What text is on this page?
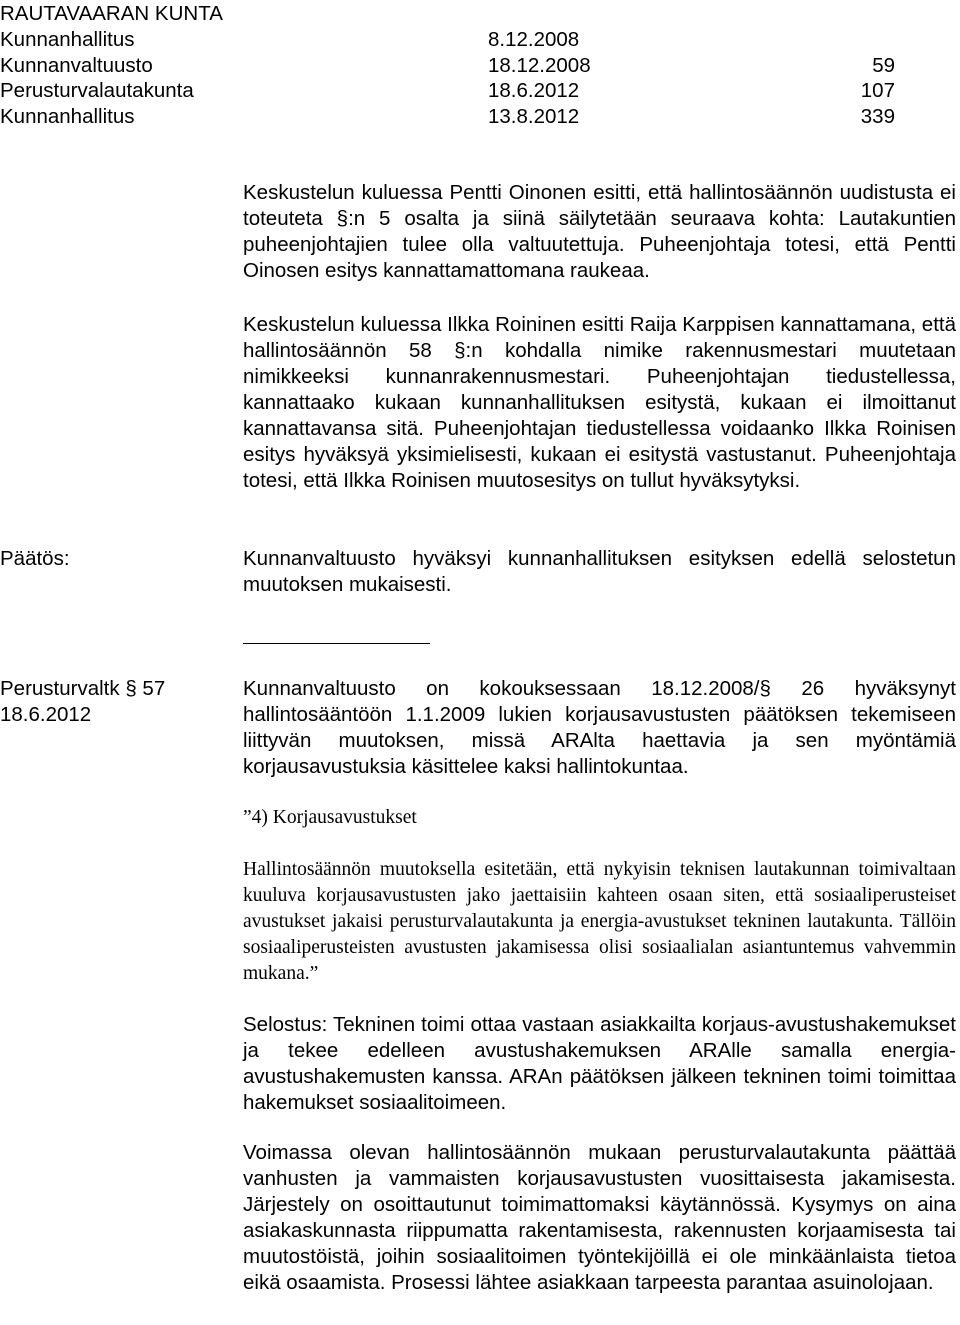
RAUTAVAARAN KUNTA
Kunnanhallitus	8.12.2008
Kunnanvaltuusto	18.12.2008	59
Perusturvalautakunta	18.6.2012	107
Kunnanhallitus	13.8.2012	339

Keskustelun kuluessa Pentti Oinonen esitti, että hallintosäännön uudistusta ei toteuteta §:n 5 osalta ja siinä säilytetään seuraava kohta: Lautakuntien puheenjohtajien tulee olla valtuutettuja. Puheenjohtaja totesi, että Pentti Oinosen esitys kannattamattomana raukeaa.

Keskustelun kuluessa Ilkka Roininen esitti Raija Karppisen kannattamana, että hallintosäännön 58 §:n kohdalla nimike rakennusmestari muutetaan nimikkeeksi kunnanrakennusmestari. Puheenjohtajan tiedustellessa, kannattaako kukaan kunnanhallituksen esitystä, kukaan ei ilmoittanut kannattavansa sitä. Puheenjohtajan tiedustellessa voidaanko Ilkka Roinisen esitys hyväksyä yksimielisesti, kukaan ei esitystä vastustanut. Puheenjohtaja totesi, että Ilkka Roinisen muutosesitys on tullut hyväksytyksi.

Päätös:	Kunnanvaltuusto hyväksyi kunnanhallituksen esityksen edellä selostetun muutoksen mukaisesti.

Perusturvaltk § 57
18.6.2012

Kunnanvaltuusto on kokouksessaan 18.12.2008/§ 26 hyväksynyt hallintosääntöön 1.1.2009 lukien korjausavustusten päätöksen tekemiseen liittyvän muutoksen, missä ARAlta haettavia ja sen myöntämiä korjausavustuksia käsittelee kaksi hallintokuntaa.

”4) Korjausavustukset

Hallintosäännön muutoksella esitetään, että nykyisin teknisen lautakunnan toimivaltaan kuuluva korjausavustusten jako jaettaisiin kahteen osaan siten, että sosiaaliperusteiset avustukset jakaisi perusturvalautakunta ja energia-avustukset tekninen lautakunta. Tällöin sosiaaliperusteisten avustusten jakamisessa olisi sosiaalialan asiantuntemus vahvemmin mukana.”

Selostus: Tekninen toimi ottaa vastaan asiakkailta korjaus-avustushakemukset ja tekee edelleen avustushakemuksen ARAlle samalla energia-avustushakemusten kanssa. ARAn päätöksen jälkeen tekninen toimi toimittaa hakemukset sosiaalitoimeen.

Voimassa olevan hallintosäännön mukaan perusturvalautakunta päättää vanhusten ja vammaisten korjausavustusten vuosittaisesta jakamisesta. Järjestely on osoittautunut toimimattomaksi käytännössä. Kysymys on aina asiakaskunnasta riippumatta rakentamisesta, rakennusten korjaamisesta tai muutostöistä, joihin sosiaalitoimen työntekijöillä ei ole minkäänlaista tietoa eikä osaamista. Prosessi lähtee asiakkaan tarpeesta parantaa asuinolojaan.
